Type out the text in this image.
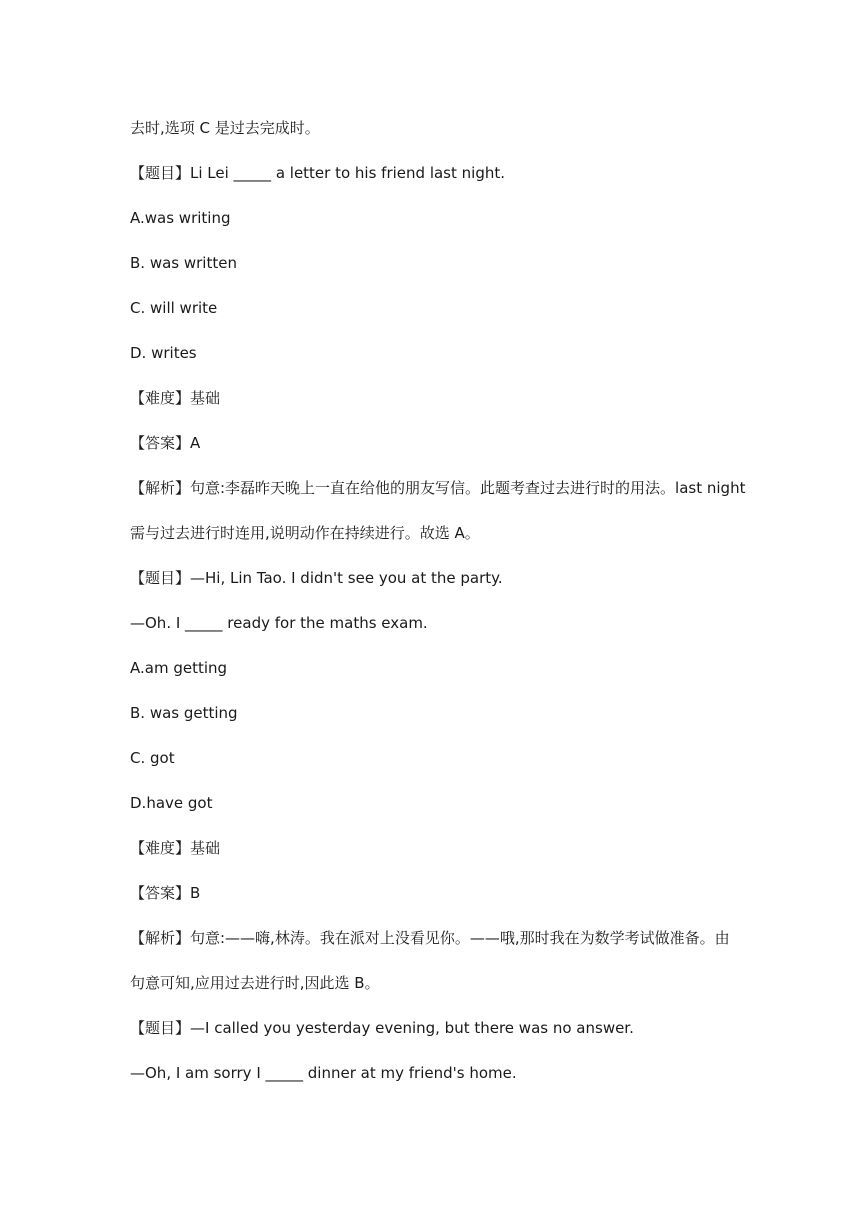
去时,选项 C 是过去完成时。
【题目】Li Lei _____ a letter to his friend last night.
A.was writing
B. was written
C. will write
D. writes
【难度】基础
【答案】A
【解析】句意:李磊昨天晚上一直在给他的朋友写信。此题考查过去进行时的用法。last night
需与过去进行时连用,说明动作在持续进行。故选 A。
【题目】—Hi, Lin Tao. I didn't see you at the party.
—Oh. I _____ ready for the maths exam.
A.am getting
B. was getting
C. got
D.have got
【难度】基础
【答案】B
【解析】句意:——嗨,林涛。我在派对上没看见你。——哦,那时我在为数学考试做准备。由
句意可知,应用过去进行时,因此选 B。
【题目】—I called you yesterday evening, but there was no answer.
—Oh, I am sorry I _____ dinner at my friend's home.
